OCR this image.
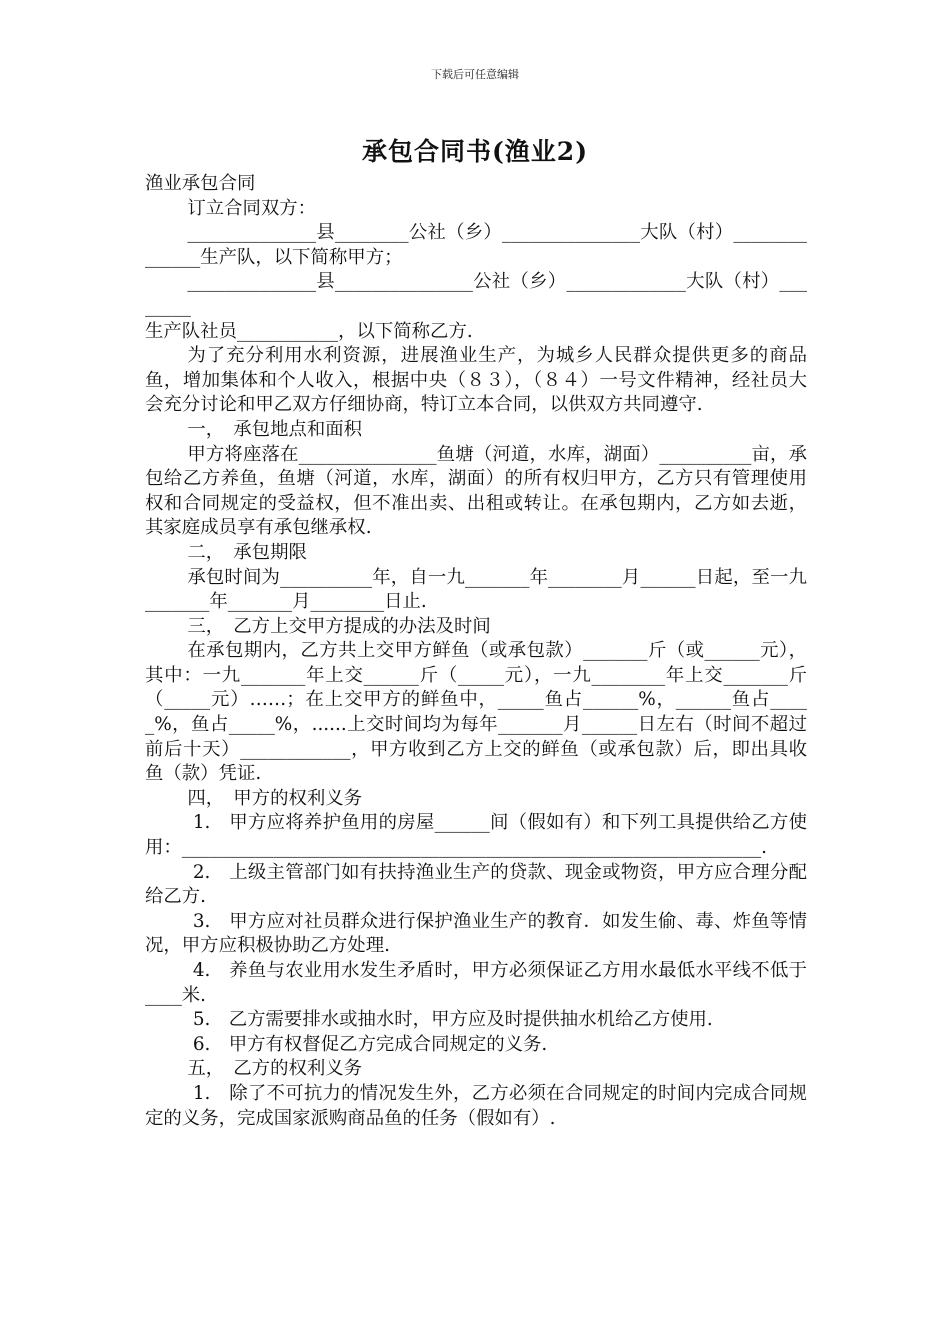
下载后可任意编辑
承包合同书(渔业2)

渔业承包合同

订立合同双方：

______________县________公社（乡）_______________大队（村）______________生产队，以下简称甲方；

______________县_______________公社（乡）_____________大队（村）________

生产队社员___________，以下简称乙方.

为了充分利用水利资源，进展渔业生产，为城乡人民群众提供更多的商品鱼，增加集体和个人收入，根据中央（８３），（８４）一号文件精神，经社员大会充分讨论和甲乙双方仔细协商，特订立本合同，以供双方共同遵守.

一，　承包地点和面积

甲方将座落在_______________鱼塘（河道，水库，湖面）__________亩，承包给乙方养鱼，鱼塘（河道，水库，湖面）的所有权归甲方，乙方只有管理使用权和合同规定的受益权，但不准出卖、出租或转让。在承包期内，乙方如去逝，其家庭成员享有承包继承权.

二，　承包期限

承包时间为__________年，自一九_______年________月______日起，至一九_______年_______月________日止.

三，　乙方上交甲方提成的办法及时间

在承包期内，乙方共上交甲方鲜鱼（或承包款）_______斤（或______元），其中：一九_______年上交______斤（_____元），一九________年上交_______斤（_____元）……；在上交甲方的鲜鱼中，_____鱼占______%，______鱼占_____%，鱼占_____%，......上交时间均为每年_______月______日左右（时间不超过前后十天）____________，甲方收到乙方上交的鲜鱼（或承包款）后，即出具收鱼（款）凭证.

四，　甲方的权利义务

1.　甲方应将养护鱼用的房屋______间（假如有）和下列工具提供给乙方使用：_______________________________________________________________.

2.　上级主管部门如有扶持渔业生产的贷款、现金或物资，甲方应合理分配给乙方.

3.　甲方应对社员群众进行保护渔业生产的教育．如发生偷、毒、炸鱼等情况，甲方应积极协助乙方处理.

4.　养鱼与农业用水发生矛盾时，甲方必须保证乙方用水最低水平线不低于____米.

5.　乙方需要排水或抽水时，甲方应及时提供抽水机给乙方使用.

6.　甲方有权督促乙方完成合同规定的义务.

五，　乙方的权利义务

1.　除了不可抗力的情况发生外，乙方必须在合同规定的时间内完成合同规定的义务，完成国家派购商品鱼的任务（假如有）.
